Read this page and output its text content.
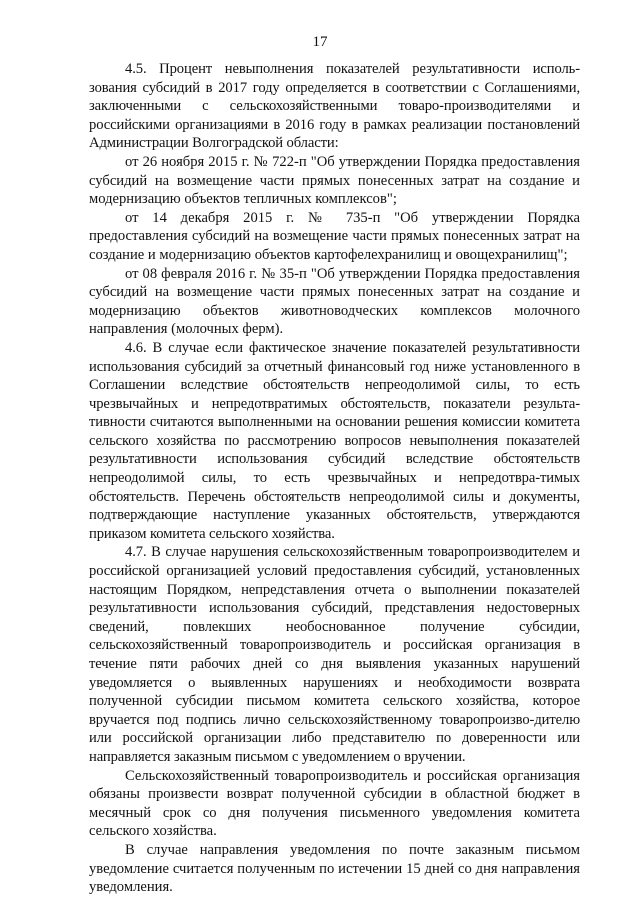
17

4.5. Процент невыполнения показателей результативности исполь-зования субсидий в 2017 году определяется в соответствии с Соглашениями, заключенными с сельскохозяйственными товаро-производителями и российскими организациями в 2016 году в рамках реализации постановлений Администрации Волгоградской области:

от 26 ноября 2015 г. № 722-п "Об утверждении Порядка предоставления субсидий на возмещение части прямых понесенных затрат на создание и модернизацию объектов тепличных комплексов";

от 14 декабря 2015 г. № 735-п "Об утверждении Порядка предоставления субсидий на возмещение части прямых понесенных затрат на создание и модернизацию объектов картофелехранилищ и овощехранилищ";

от 08 февраля 2016 г. № 35-п "Об утверждении Порядка предоставления субсидий на возмещение части прямых понесенных затрат на создание и модернизацию объектов животноводческих комплексов молочного направления (молочных ферм).

4.6. В случае если фактическое значение показателей результативности использования субсидий за отчетный финансовый год ниже установленного в Соглашении вследствие обстоятельств непреодолимой силы, то есть чрезвычайных и непредотвратимых обстоятельств, показатели результа-тивности считаются выполненными на основании решения комиссии комитета сельского хозяйства по рассмотрению вопросов невыполнения показателей результативности использования субсидий вследствие обстоятельств непреодолимой силы, то есть чрезвычайных и непредотвра-тимых обстоятельств. Перечень обстоятельств непреодолимой силы и документы, подтверждающие наступление указанных обстоятельств, утверждаются приказом комитета сельского хозяйства.

4.7. В случае нарушения сельскохозяйственным товаропроизводителем и российской организацией условий предоставления субсидий, установленных настоящим Порядком, непредставления отчета о выполнении показателей результативности использования субсидий, представления недостоверных сведений, повлекших необоснованное получение субсидии, сельскохозяйственный товаропроизводитель и российская организация в течение пяти рабочих дней со дня выявления указанных нарушений уведомляется о выявленных нарушениях и необходимости возврата полученной субсидии письмом комитета сельского хозяйства, которое вручается под подпись лично сельскохозяйственному товаропроизво-дителю или российской организации либо представителю по доверенности или направляется заказным письмом с уведомлением о вручении.

Сельскохозяйственный товаропроизводитель и российская организация обязаны произвести возврат полученной субсидии в областной бюджет в месячный срок со дня получения письменного уведомления комитета сельского хозяйства.

В случае направления уведомления по почте заказным письмом уведомление считается полученным по истечении 15 дней со дня направления уведомления.
